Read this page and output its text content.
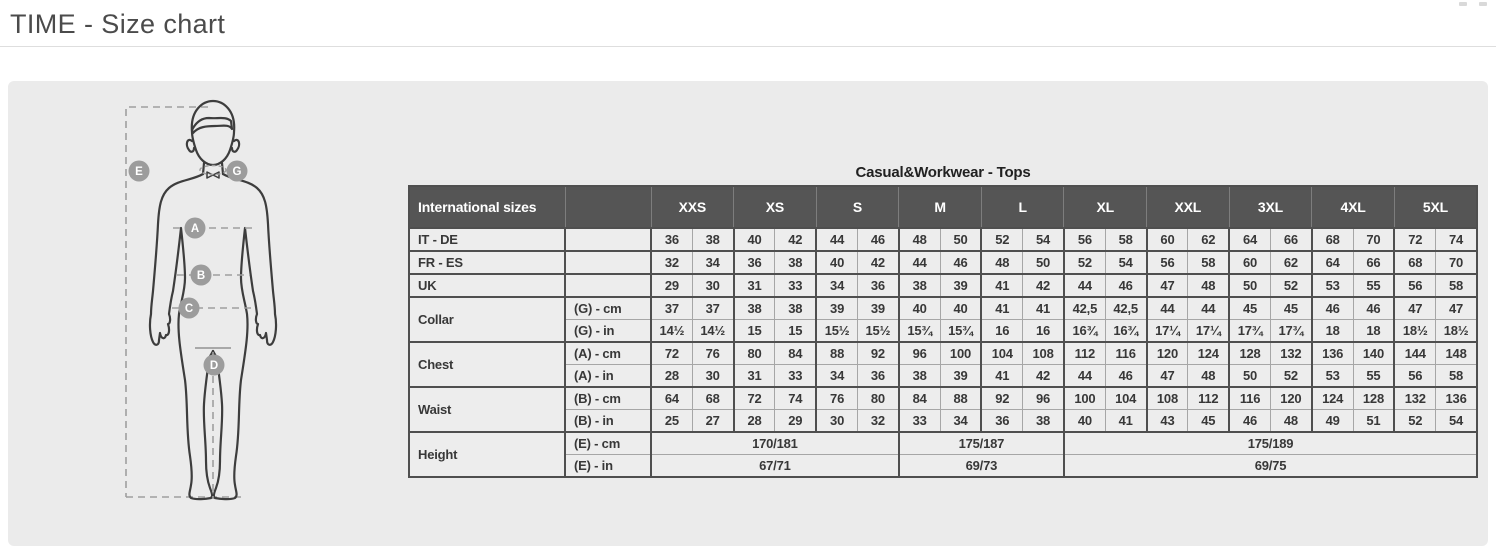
TIME - Size chart
E	G
A
B
C
D
Casual&Workwear - Tops
International sizes		XXS		XS		S		M		L		XL		XXL		3XL		4XL		5XL	
IT - DE		36	38	40	42	44	46	48	50	52	54	56	58	60	62	64	66	68	70	72	74
FR - ES		32	34	36	38	40	42	44	46	48	50	52	54	56	58	60	62	64	66	68	70
UK		29	30	31	33	34	36	38	39	41	42	44	46	47	48	50	52	53	55	56	58
Collar	(G) - cm	37	37	38	38	39	39	40	40	41	41	42,5	42,5	44	44	45	45	46	46	47	47
	(G) - in	14½	14½	15	15	15½	15½	15¾	15¾	16	16	16¾	16¾	17¼	17¼	17¾	17¾	18	18	18½	18½
Chest	(A) - cm	72	76	80	84	88	92	96	100	104	108	112	116	120	124	128	132	136	140	144	148
	(A) - in	28	30	31	33	34	36	38	39	41	42	44	46	47	48	50	52	53	55	56	58
Waist	(B) - cm	64	68	72	74	76	80	84	88	92	96	100	104	108	112	116	120	124	128	132	136
	(B) - in	25	27	28	29	30	32	33	34	36	38	40	41	43	45	46	48	49	51	52	54
Height	(E) - cm	170/181						175/187				175/189									
	(E) - in	67/71						69/73				69/75									
